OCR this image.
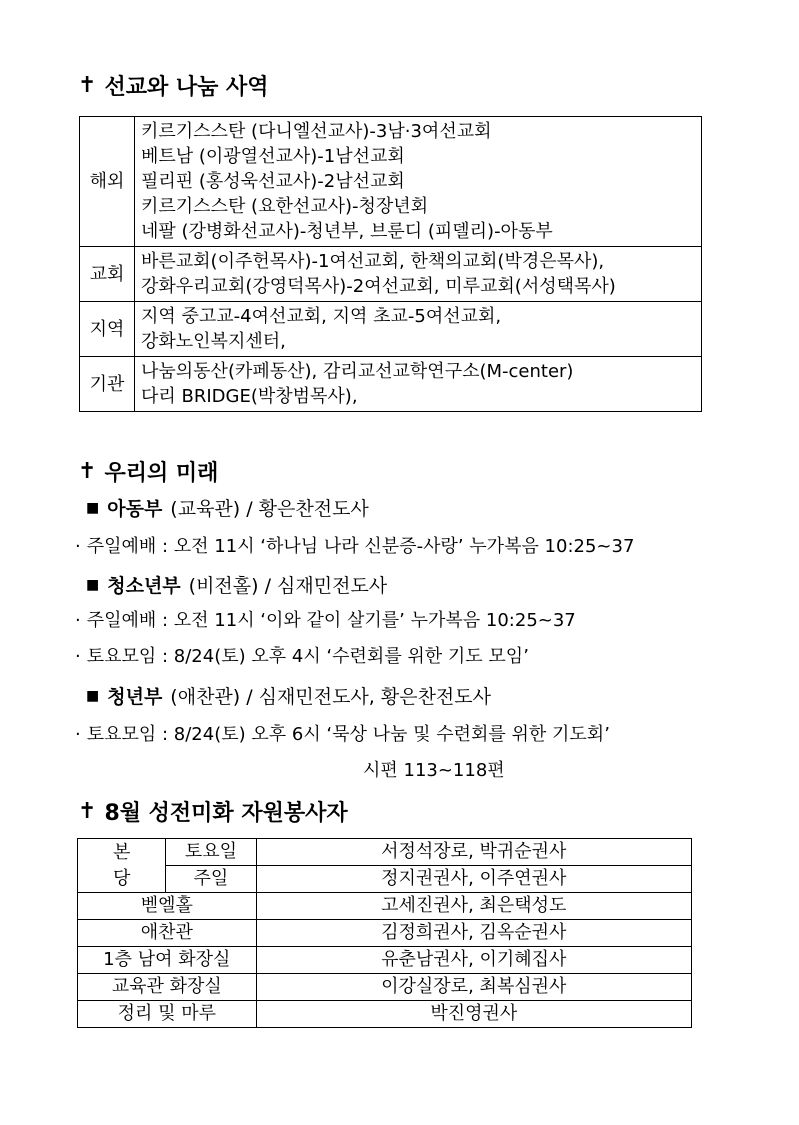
✝ 선교와 나눔 사역
해외	키르기스스탄 (다니엘선교사)-3남·3여선교회
베트남 (이광열선교사)-1남선교회
필리핀 (홍성욱선교사)-2남선교회
키르기스스탄 (요한선교사)-청장년회
네팔 (강병화선교사)-청년부, 브룬디 (피델리)-아동부

교회	바른교회(이주헌목사)-1여선교회, 한책의교회(박경은목사),
강화우리교회(강영덕목사)-2여선교회, 미루교회(서성택목사)

지역	지역 중고교-4여선교회, 지역 초교-5여선교회,
강화노인복지센터,

기관	나눔의동산(카페동산), 감리교선교학연구소(M-center)
다리 BRIDGE(박창범목사),
✝ 우리의 미래
■ 아동부 (교육관) / 황은찬전도사
· 주일예배 : 오전 11시 ‘하나님 나라 신분증-사랑’ 누가복음 10:25~37
■ 청소년부 (비전홀) / 심재민전도사
· 주일예배 : 오전 11시 ‘이와 같이 살기를’ 누가복음 10:25~37
· 토요모임 : 8/24(토) 오후 4시 ‘수련회를 위한 기도 모임’
■ 청년부 (애찬관) / 심재민전도사, 황은찬전도사
· 토요모임 : 8/24(토) 오후 6시 ‘묵상 나눔 및 수련회를 위한 기도회’
시편 113~118편
✝ 8월 성전미화 자원봉사자
본
당	토요일	서정석장로, 박귀순권사
	주일	정지권권사, 이주연권사
벧엘홀		고세진권사, 최은택성도
애찬관		김정희권사, 김옥순권사
1층 남여 화장실		유춘남권사, 이기혜집사
교육관 화장실		이강실장로, 최복심권사
정리 및 마루		박진영권사
